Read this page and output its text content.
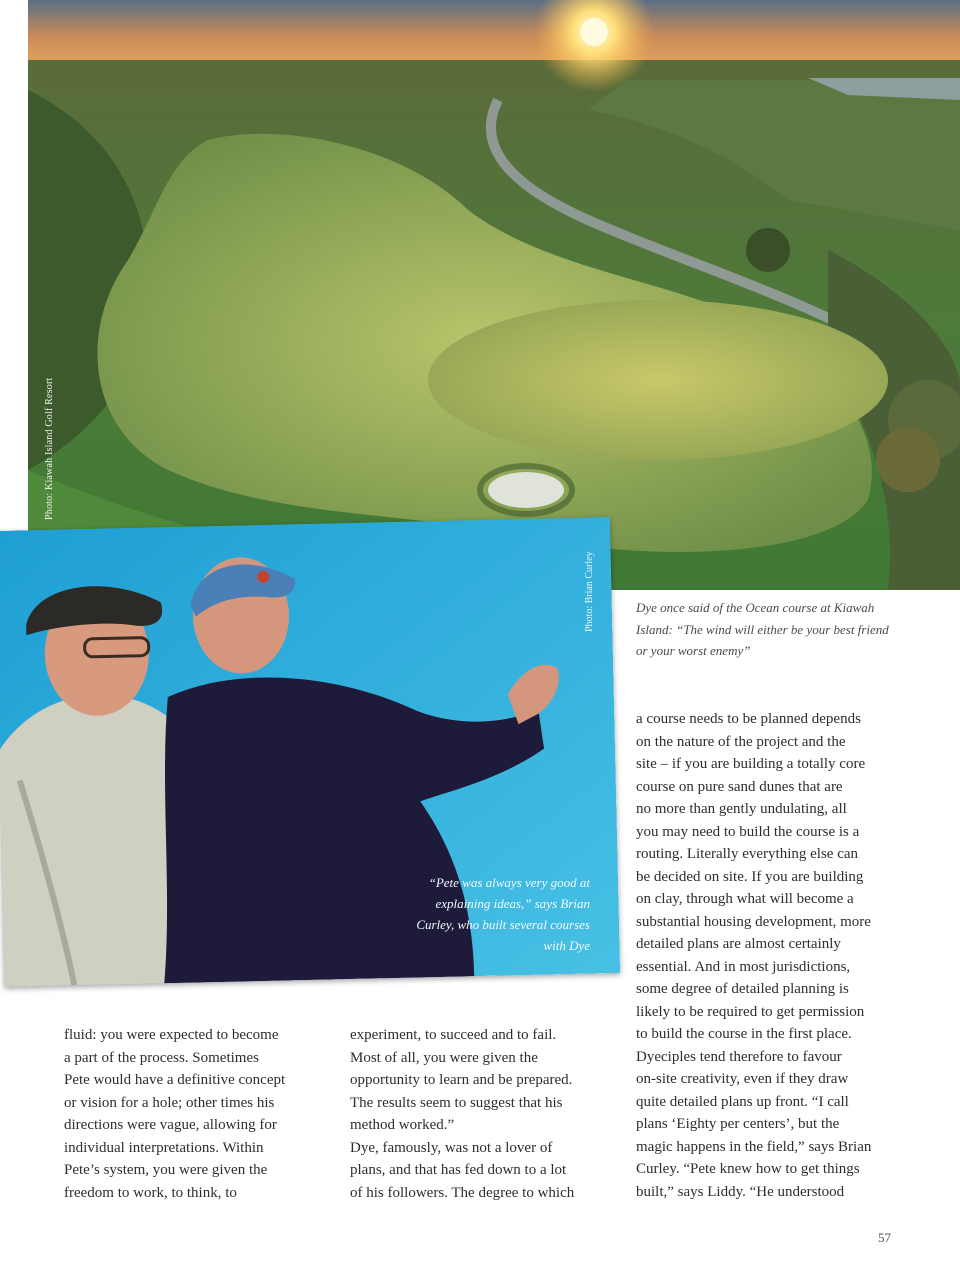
Photo: Kiawah Island Golf Resort
Photo: Brian Curley
“Pete was always very good at explaining ideas,” says Brian Curley, who built several courses with Dye
Dye once said of the Ocean course at Kiawah Island: “The wind will either be your best friend or your worst enemy”
a course needs to be planned depends
on the nature of the project and the
site – if you are building a totally core
course on pure sand dunes that are
no more than gently undulating, all
you may need to build the course is a
routing. Literally everything else can
be decided on site. If you are building
on clay, through what will become a
substantial housing development, more
detailed plans are almost certainly
essential. And in most jurisdictions,
some degree of detailed planning is
likely to be required to get permission
to build the course in the first place.
Dyeciples tend therefore to favour
on-site creativity, even if they draw
quite detailed plans up front. “I call
plans ‘Eighty per centers’, but the
magic happens in the field,” says Brian
Curley. “Pete knew how to get things
built,” says Liddy. “He understood
fluid: you were expected to become
a part of the process. Sometimes
Pete would have a definitive concept
or vision for a hole; other times his
directions were vague, allowing for
individual interpretations. Within
Pete’s system, you were given the
freedom to work, to think, to
experiment, to succeed and to fail.
Most of all, you were given the
opportunity to learn and be prepared.
The results seem to suggest that his
method worked.”
Dye, famously, was not a lover of
plans, and that has fed down to a lot
of his followers. The degree to which
57
